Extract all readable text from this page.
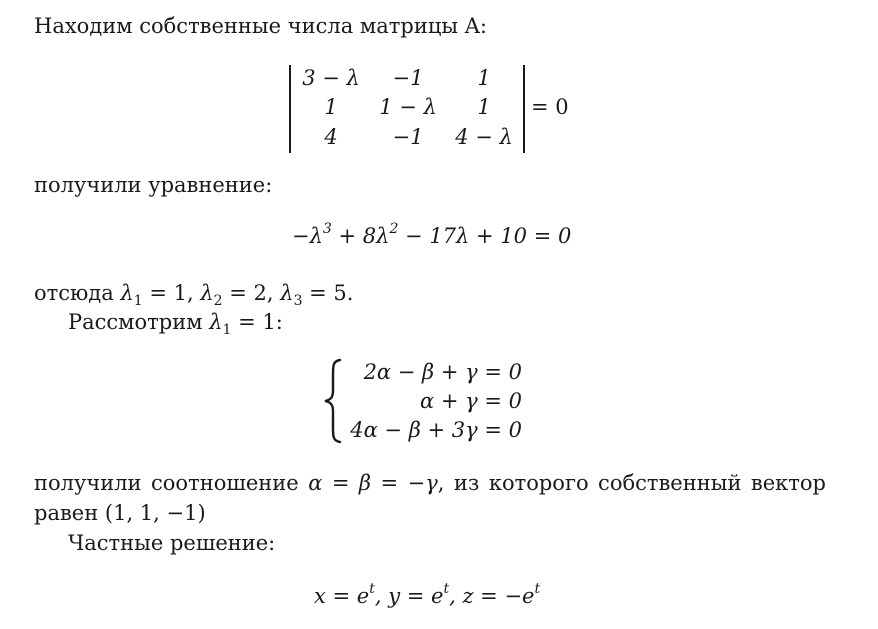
Находим собственные числа матрицы A:
3 − λ	−1	1
1	1 − λ	1
4	−1	4 − λ
= 0
получили уравнение:
$-\lambda^3 + 8\lambda^2 - 17\lambda + 10 = 0$
отсюда $\lambda_1 = 1$, $\lambda_2 = 2$, $\lambda_3 = 5$.
Рассмотрим $\lambda_1 = 1$:
2α − β + γ = 0
α + γ = 0
4α − β + 3γ = 0
получили соотношение α = β = −γ, из которого собственный вектор равен (1, 1, −1)
Частные решение:
$x = e^t$, $y = e^t$, $z = -e^t$
